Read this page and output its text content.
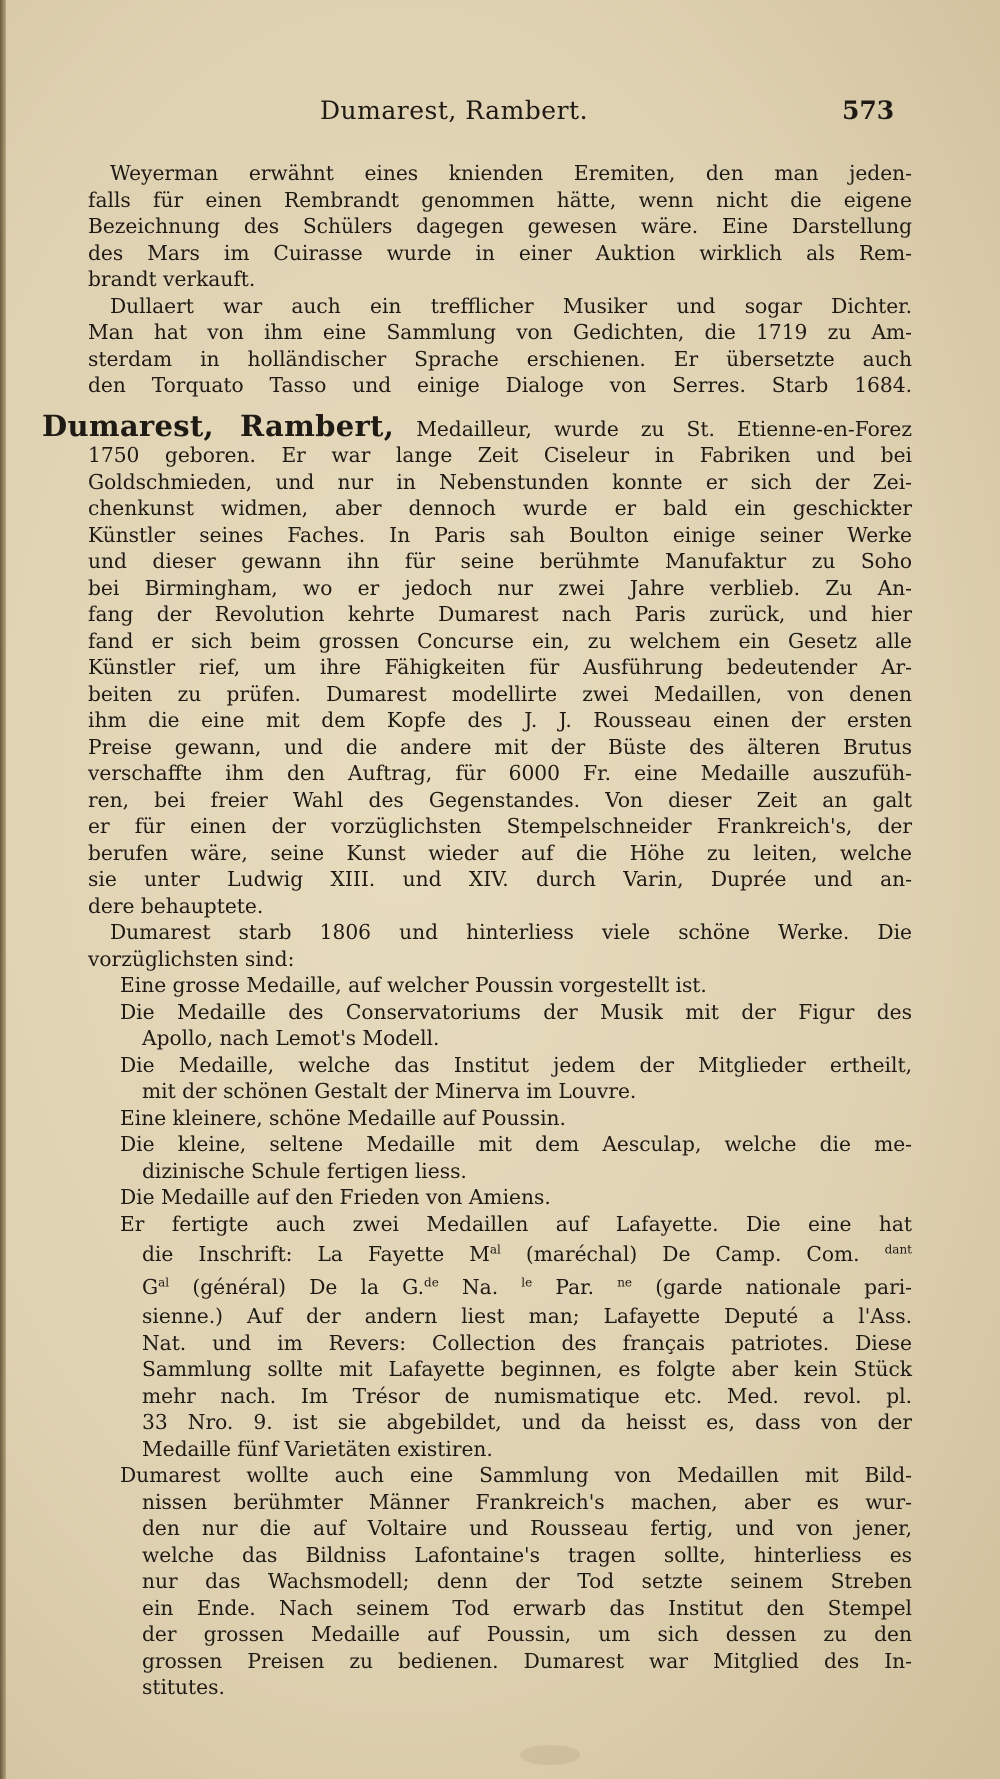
Dumarest, Rambert.	573

Weyerman erwähnt eines knienden Eremiten, den man jeden-

falls für einen Rembrandt genommen hätte, wenn nicht die eigene

Bezeichnung des Schülers dagegen gewesen wäre. Eine Darstellung

des Mars im Cuirasse wurde in einer Auktion wirklich als Rem-

brandt verkauft.

Dullaert war auch ein trefflicher Musiker und sogar Dichter.

Man hat von ihm eine Sammlung von Gedichten, die 1719 zu Am-

sterdam in holländischer Sprache erschienen. Er übersetzte auch

den Torquato Tasso und einige Dialoge von Serres. Starb 1684.

Dumarest, Rambert, Medailleur, wurde zu St. Etienne-en-Forez

1750 geboren. Er war lange Zeit Ciseleur in Fabriken und bei

Goldschmieden, und nur in Nebenstunden konnte er sich der Zei-

chenkunst widmen, aber dennoch wurde er bald ein geschickter

Künstler seines Faches. In Paris sah Boulton einige seiner Werke

und dieser gewann ihn für seine berühmte Manufaktur zu Soho

bei Birmingham, wo er jedoch nur zwei Jahre verblieb. Zu An-

fang der Revolution kehrte Dumarest nach Paris zurück, und hier

fand er sich beim grossen Concurse ein, zu welchem ein Gesetz alle

Künstler rief, um ihre Fähigkeiten für Ausführung bedeutender Ar-

beiten zu prüfen. Dumarest modellirte zwei Medaillen, von denen

ihm die eine mit dem Kopfe des J. J. Rousseau einen der ersten

Preise gewann, und die andere mit der Büste des älteren Brutus

verschaffte ihm den Auftrag, für 6000 Fr. eine Medaille auszufüh-

ren, bei freier Wahl des Gegenstandes. Von dieser Zeit an galt

er für einen der vorzüglichsten Stempelschneider Frankreich's, der

berufen wäre, seine Kunst wieder auf die Höhe zu leiten, welche

sie unter Ludwig XIII. und XIV. durch Varin, Duprée und an-

dere behauptete.

Dumarest starb 1806 und hinterliess viele schöne Werke. Die

vorzüglichsten sind:

Eine grosse Medaille, auf welcher Poussin vorgestellt ist.

Die Medaille des Conservatoriums der Musik mit der Figur des

Apollo, nach Lemot's Modell.

Die Medaille, welche das Institut jedem der Mitglieder ertheilt,

mit der schönen Gestalt der Minerva im Louvre.

Eine kleinere, schöne Medaille auf Poussin.

Die kleine, seltene Medaille mit dem Aesculap, welche die me-

dizinische Schule fertigen liess.

Die Medaille auf den Frieden von Amiens.

Er fertigte auch zwei Medaillen auf Lafayette. Die eine hat

die Inschrift: La Fayette $M^{al}$ (maréchal) De Camp. Com. $^{dant}$

$G^{al}$ (général) De la G.$^{de}$ Na. $^{le}$ Par. $^{ne}$ (garde nationale pari-

sienne.) Auf der andern liest man; Lafayette Deputé a l'Ass.

Nat. und im Revers: Collection des français patriotes. Diese

Sammlung sollte mit Lafayette beginnen, es folgte aber kein Stück

mehr nach. Im Trésor de numismatique etc. Med. revol. pl.

33 Nro. 9. ist sie abgebildet, und da heisst es, dass von der

Medaille fünf Varietäten existiren.

Dumarest wollte auch eine Sammlung von Medaillen mit Bild-

nissen berühmter Männer Frankreich's machen, aber es wur-

den nur die auf Voltaire und Rousseau fertig, und von jener,

welche das Bildniss Lafontaine's tragen sollte, hinterliess es

nur das Wachsmodell; denn der Tod setzte seinem Streben

ein Ende. Nach seinem Tod erwarb das Institut den Stempel

der grossen Medaille auf Poussin, um sich dessen zu den

grossen Preisen zu bedienen. Dumarest war Mitglied des In-

stitutes.
